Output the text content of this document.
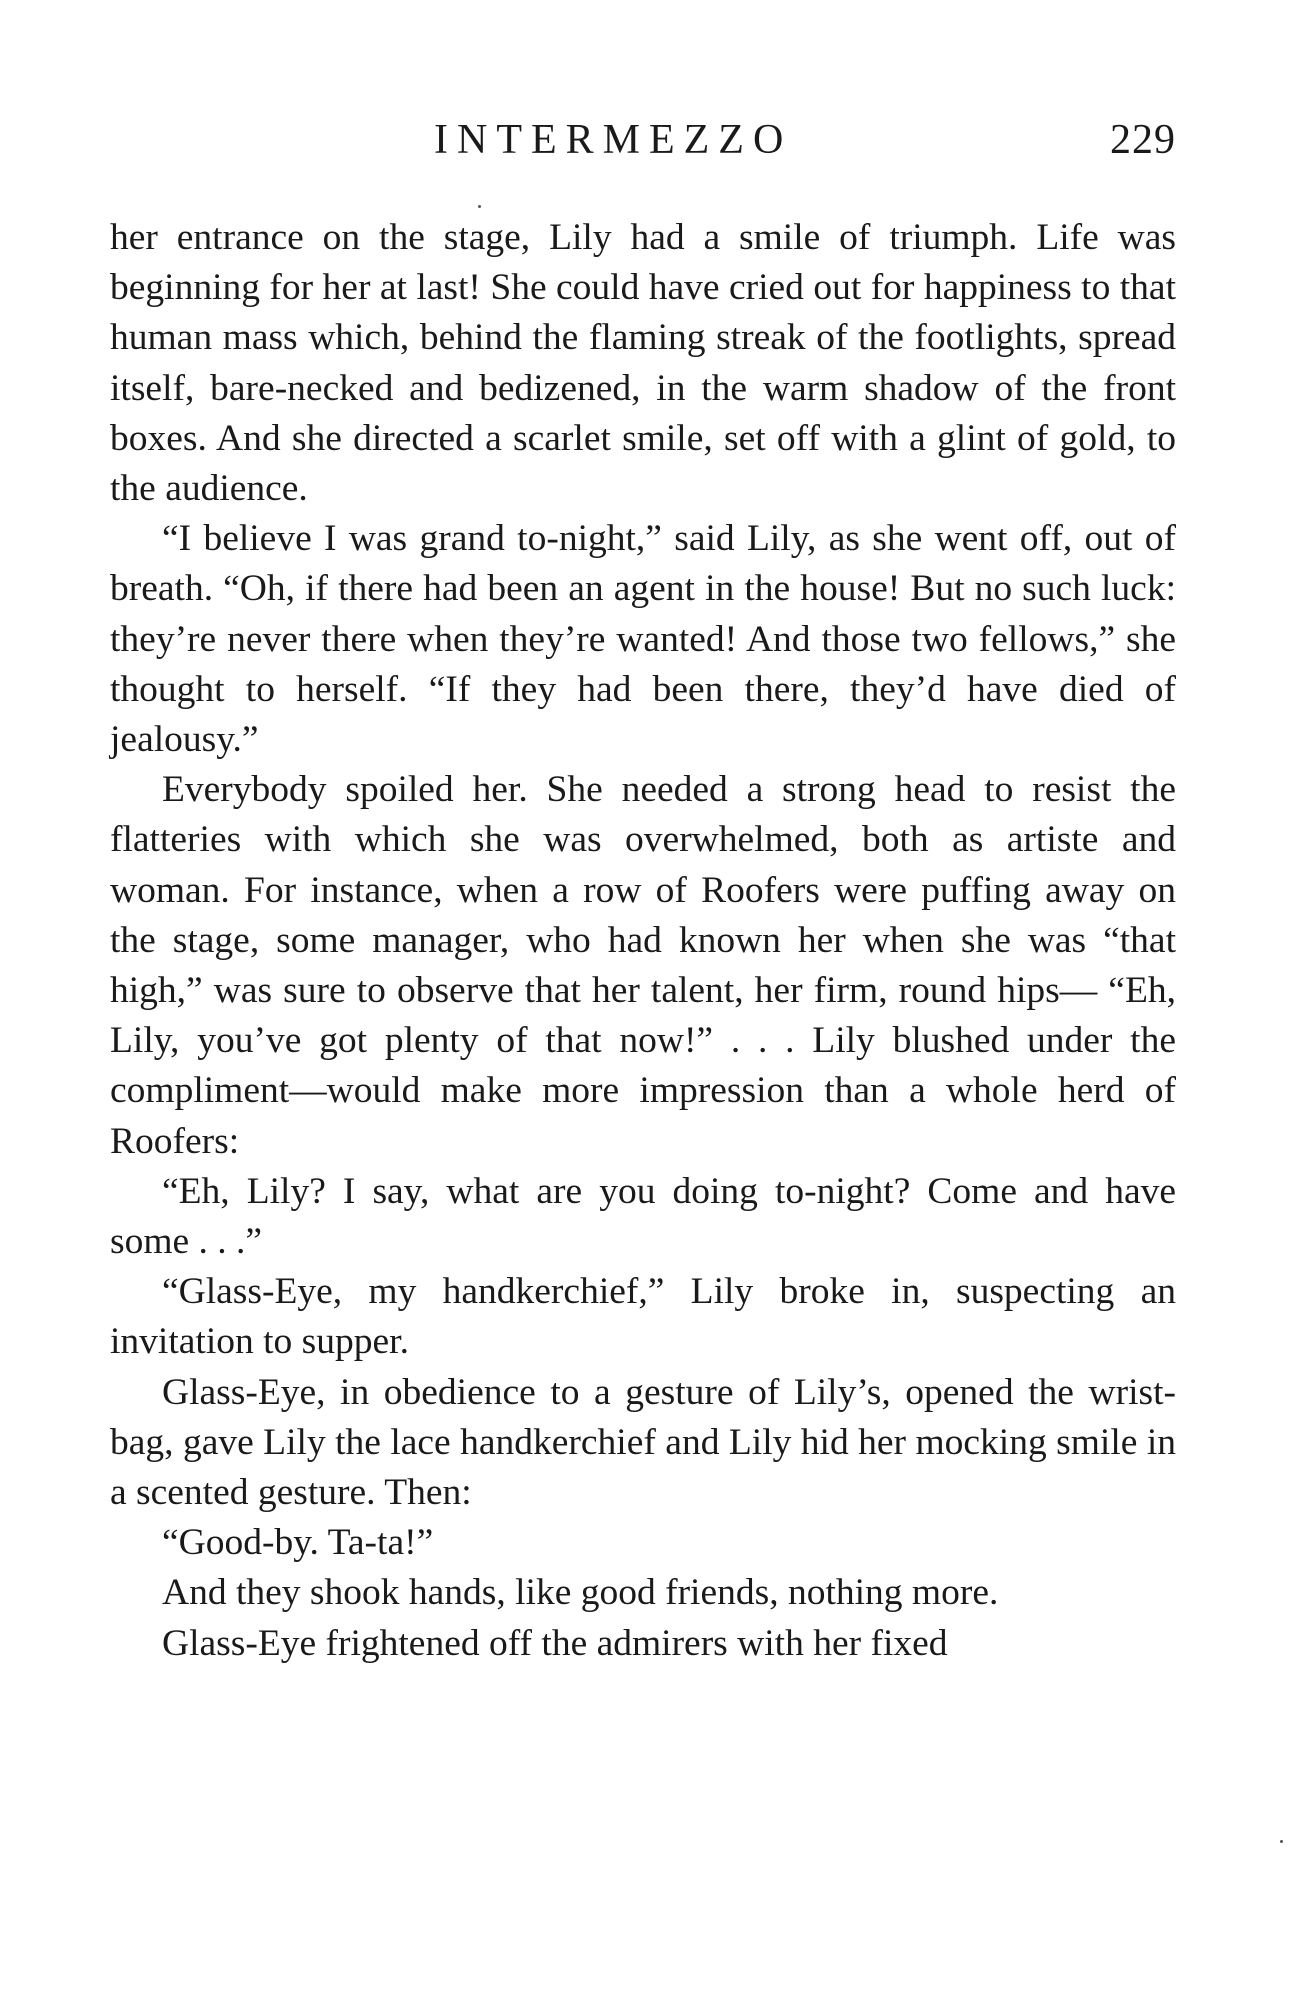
INTERMEZZO	229

her entrance on the stage, Lily had a smile of triumph. Life was beginning for her at last! She could have cried out for happiness to that human mass which, behind the flaming streak of the footlights, spread itself, bare-necked and bedizened, in the warm shadow of the front boxes. And she directed a scarlet smile, set off with a glint of gold, to the audience.

“I believe I was grand to-night,” said Lily, as she went off, out of breath. “Oh, if there had been an agent in the house! But no such luck: they’re never there when they’re wanted! And those two fellows,” she thought to herself. “If they had been there, they’d have died of jealousy.”

Everybody spoiled her. She needed a strong head to resist the flatteries with which she was overwhelmed, both as artiste and woman. For instance, when a row of Roofers were puffing away on the stage, some manager, who had known her when she was “that high,” was sure to observe that her talent, her firm, round hips— “Eh, Lily, you’ve got plenty of that now!” . . . Lily blushed under the compliment—would make more impression than a whole herd of Roofers:

“Eh, Lily? I say, what are you doing to-night? Come and have some . . .”

“Glass-Eye, my handkerchief,” Lily broke in, suspecting an invitation to supper.

Glass-Eye, in obedience to a gesture of Lily’s, opened the wrist-bag, gave Lily the lace handkerchief and Lily hid her mocking smile in a scented gesture. Then:

“Good-by. Ta-ta!”

And they shook hands, like good friends, nothing more.

Glass-Eye frightened off the admirers with her fixed
